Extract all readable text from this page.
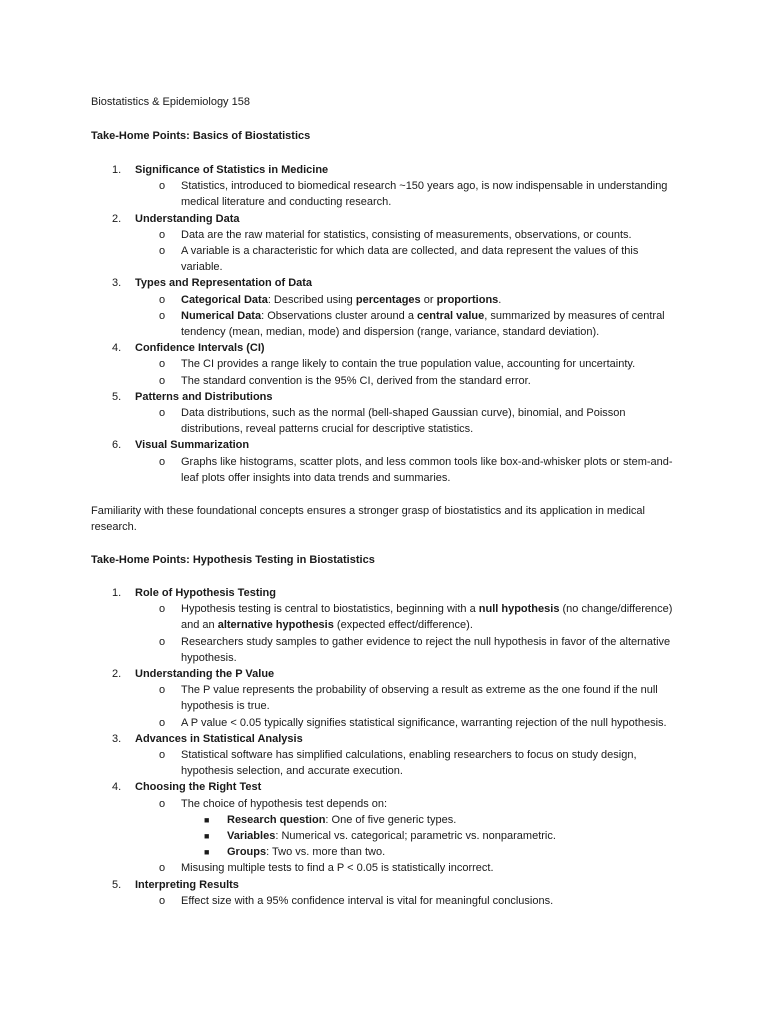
Biostatistics & Epidemiology 158
Take-Home Points: Basics of Biostatistics
1. Significance of Statistics in Medicine
o Statistics, introduced to biomedical research ~150 years ago, is now indispensable in understanding medical literature and conducting research.
2. Understanding Data
o Data are the raw material for statistics, consisting of measurements, observations, or counts.
o A variable is a characteristic for which data are collected, and data represent the values of this variable.
3. Types and Representation of Data
o Categorical Data: Described using percentages or proportions.
o Numerical Data: Observations cluster around a central value, summarized by measures of central tendency (mean, median, mode) and dispersion (range, variance, standard deviation).
4. Confidence Intervals (CI)
o The CI provides a range likely to contain the true population value, accounting for uncertainty.
o The standard convention is the 95% CI, derived from the standard error.
5. Patterns and Distributions
o Data distributions, such as the normal (bell-shaped Gaussian curve), binomial, and Poisson distributions, reveal patterns crucial for descriptive statistics.
6. Visual Summarization
o Graphs like histograms, scatter plots, and less common tools like box-and-whisker plots or stem-and-leaf plots offer insights into data trends and summaries.
Familiarity with these foundational concepts ensures a stronger grasp of biostatistics and its application in medical research.
Take-Home Points: Hypothesis Testing in Biostatistics
1. Role of Hypothesis Testing
o Hypothesis testing is central to biostatistics, beginning with a null hypothesis (no change/difference) and an alternative hypothesis (expected effect/difference).
o Researchers study samples to gather evidence to reject the null hypothesis in favor of the alternative hypothesis.
2. Understanding the P Value
o The P value represents the probability of observing a result as extreme as the one found if the null hypothesis is true.
o A P value < 0.05 typically signifies statistical significance, warranting rejection of the null hypothesis.
3. Advances in Statistical Analysis
o Statistical software has simplified calculations, enabling researchers to focus on study design, hypothesis selection, and accurate execution.
4. Choosing the Right Test
o The choice of hypothesis test depends on:
■ Research question: One of five generic types.
■ Variables: Numerical vs. categorical; parametric vs. nonparametric.
■ Groups: Two vs. more than two.
o Misusing multiple tests to find a P < 0.05 is statistically incorrect.
5. Interpreting Results
o Effect size with a 95% confidence interval is vital for meaningful conclusions.
